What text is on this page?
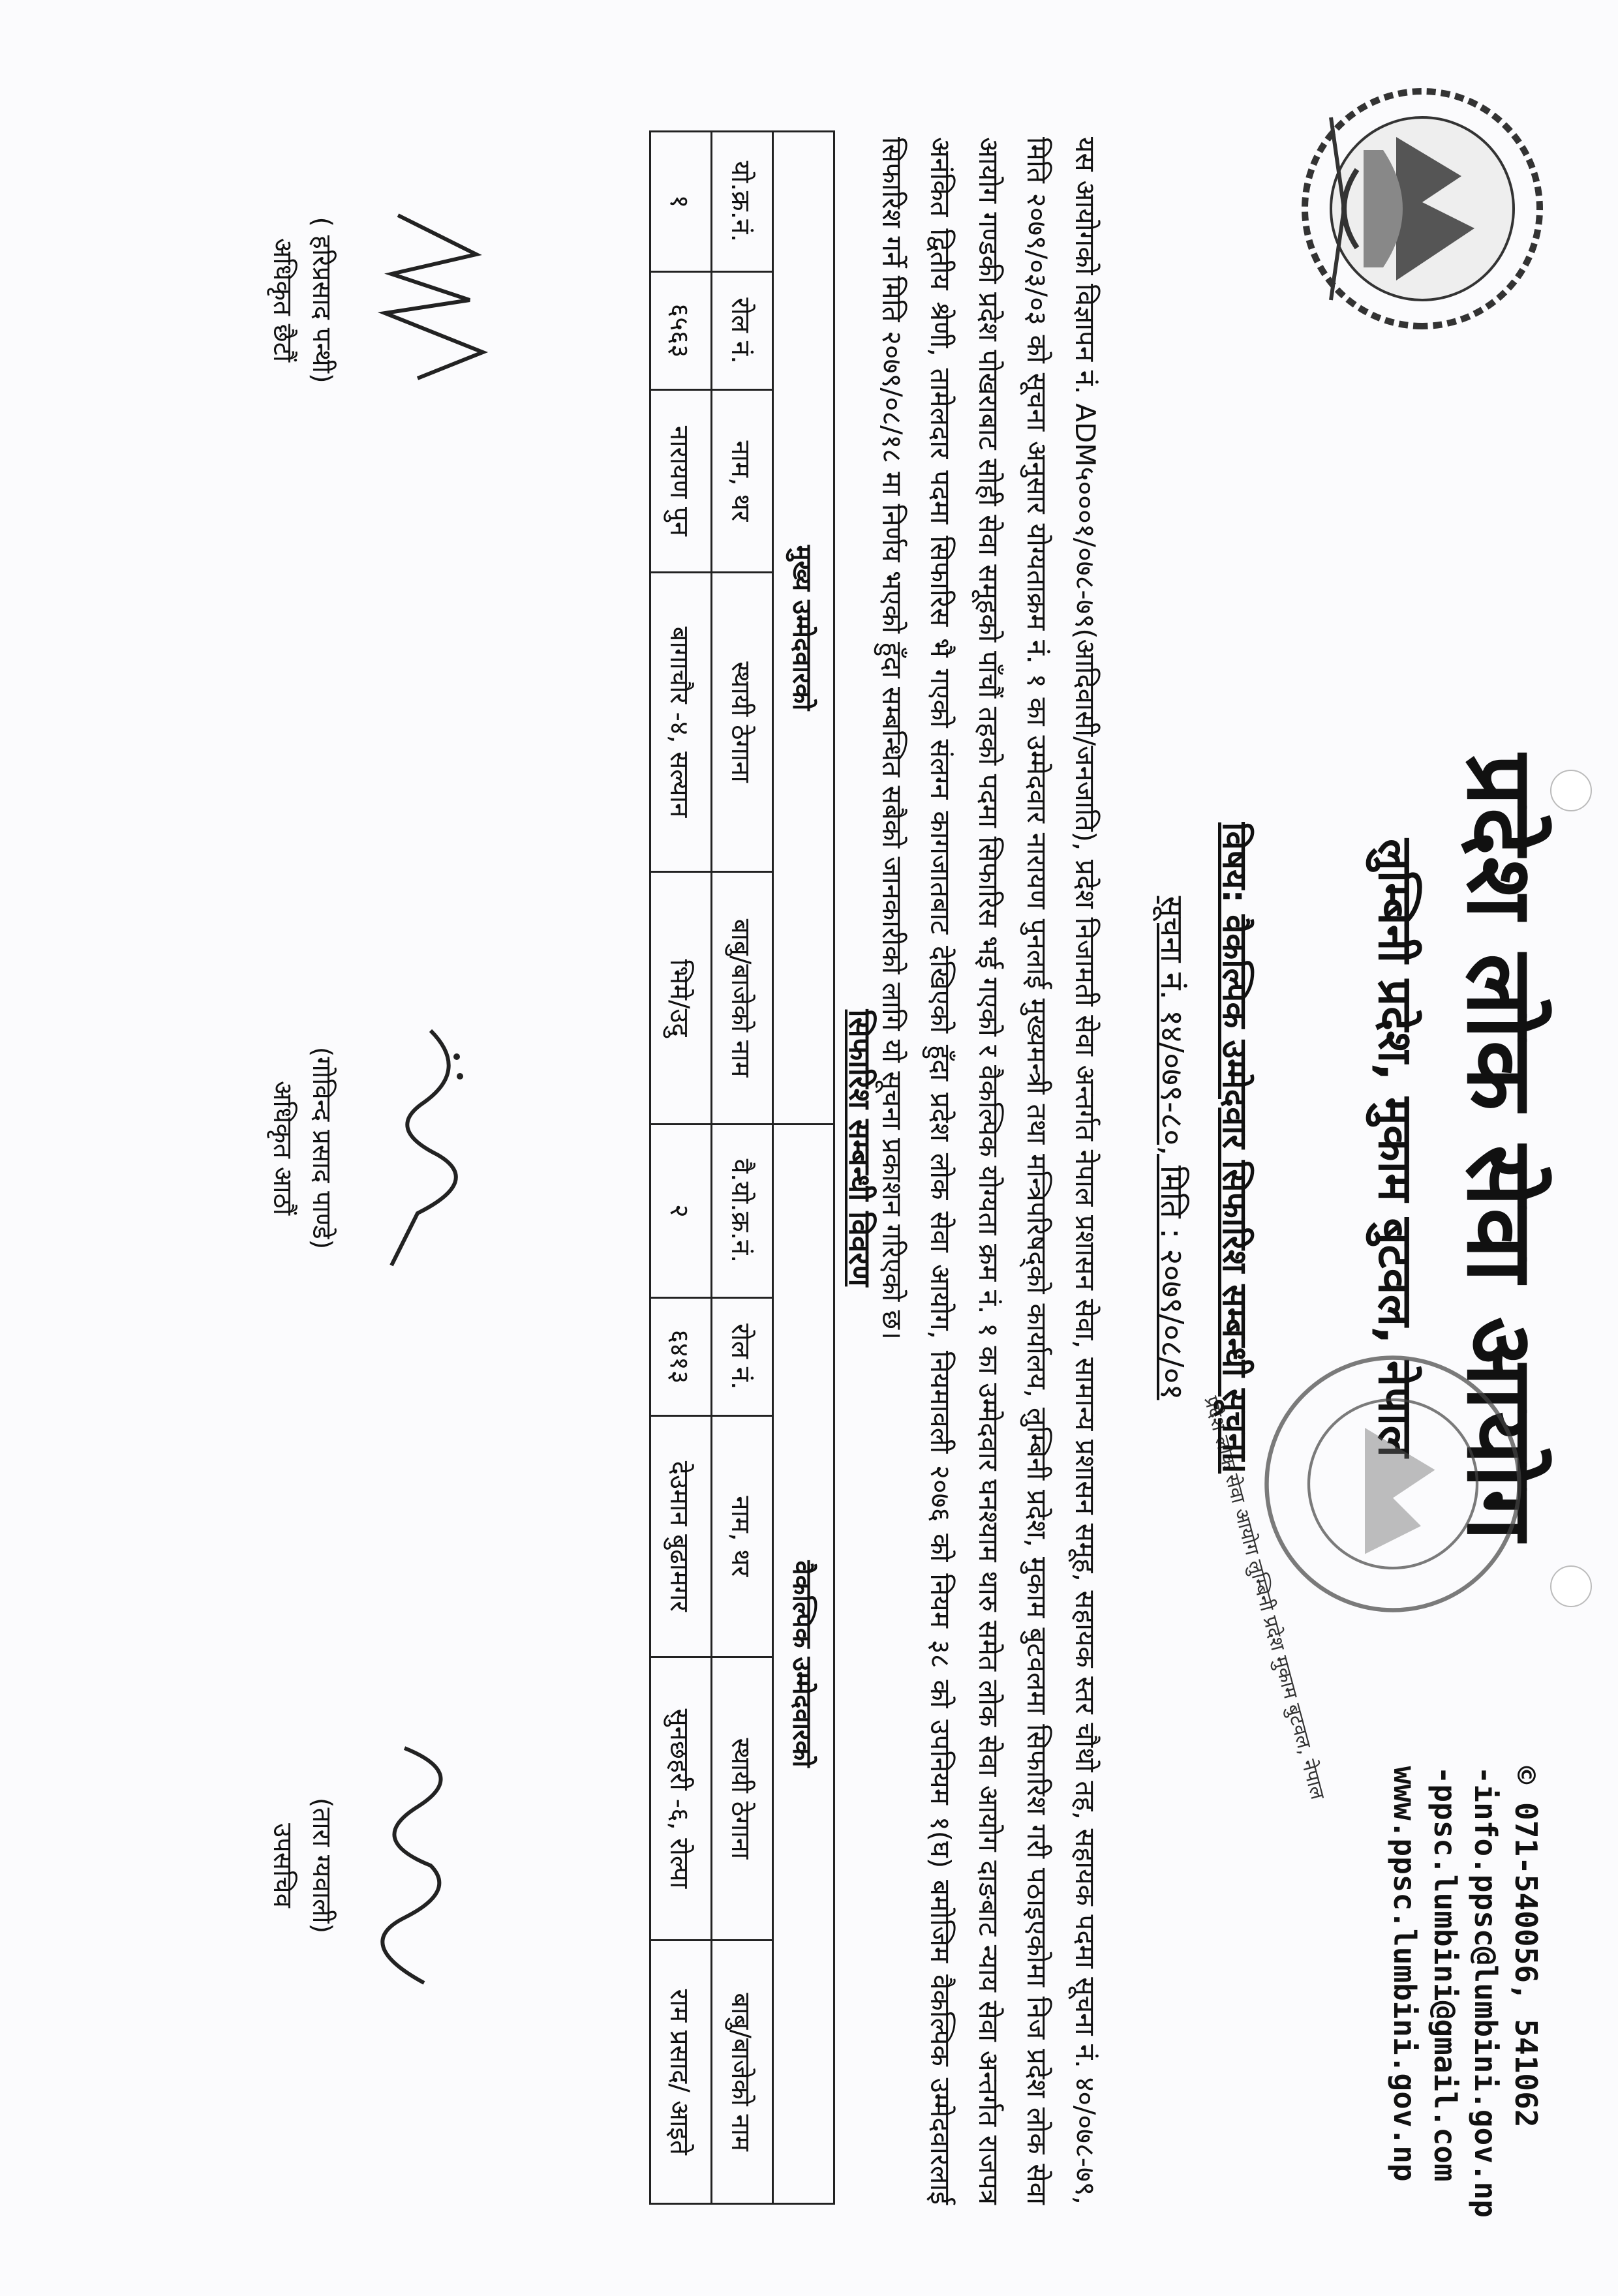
प्रदेश लोक सेवा आयोग
लुम्बिनी प्रदेश, मुकाम बुटवल, नेपाल
प्रदेश लोक सेवा आयोग लुम्बिनी प्रदेश मुकाम बुटवल, नेपाल	© 071-540056, 541062
-info.ppsc@lumbini.gov.np
-ppsc.lumbini@gmail.com
www.ppsc.lumbini.gov.np
विषय: वैकल्पिक उम्मेदवार सिफारिश सम्बन्धी सूचना।
सूचना नं. १४/०७९-८०, मिति : २०७९/०८/०१
यस आयोगको विज्ञापन नं. ADM५०००१/०७८-७९(आदिवासी/जनजाति), प्रदेश निजामती सेवा अन्तर्गत नेपाल प्रशासन सेवा, सामान्य प्रशासन समूह, सहायक स्तर चौथो तह, सहायक पदमा सूचना नं. ४०/०७८-७९, मिति २०७९/०३/०३ को सूचना अनुसार योग्यताक्रम नं. १ का उम्मेदवार नारायण पुनलाई मुख्यमन्त्री तथा मन्त्रिपरिषद्को कार्यालय, लुम्बिनी प्रदेश, मुकाम बुटवलमा सिफारिश गरी पठाइएकोमा निज प्रदेश लोक सेवा आयोग गण्डकी प्रदेश पोखराबाट सोही सेवा समूहको पाँचौं तहको पदमा सिफारिस भई गएको र वैकल्पिक योग्यता क्रम नं. १ का उम्मेदवार घनश्याम थारु समेत लोक सेवा आयोग दाङबाट न्याय सेवा अन्तर्गत राजपत्र अनंकित द्वितीय श्रेणी, तामेलदार पदमा सिफारिस भै गएको संलग्न कागजातबाट देखिएको हुँदा प्रदेश लोक सेवा आयोग, नियमावली २०७६ को नियम ३८ को उपनियम १(घ) बमोजिम वैकल्पिक उम्मेदवारलाई सिफारिश गर्ने मिति २०७९/०८/१८ मा निर्णय भएको हुँदा सम्बन्धित सबैको जानकारीको लागि यो सूचना प्रकाशन गरिएको छ।
सिफारिश सम्बन्धी विवरण
मुख्य उम्मेदवारको					वैकल्पिक उम्मेदवारको				
यो.क्र.नं.	रोल नं.	नाम, थर	स्थायी ठेगाना	बाबु/बाजेको नाम	वै.यो.क्र.नं.	रोल नं.	नाम, थर	स्थायी ठेगाना	बाबु/बाजेको नाम
१	६५६३	नारायण पुन	बागाचौर -४, सल्यान	भिमे/उदु	२	६४१३	देउमान बुढामगर	सुनछहरी -६, रोल्पा	राम प्रसाद/ आइते
( हरिप्रसाद पन्थी)
अधिकृत छैटौं
(गोविन्द प्रसाद पाण्डे)
अधिकृत आठौं
(तारा ग्यवाली)
उपसचिव
